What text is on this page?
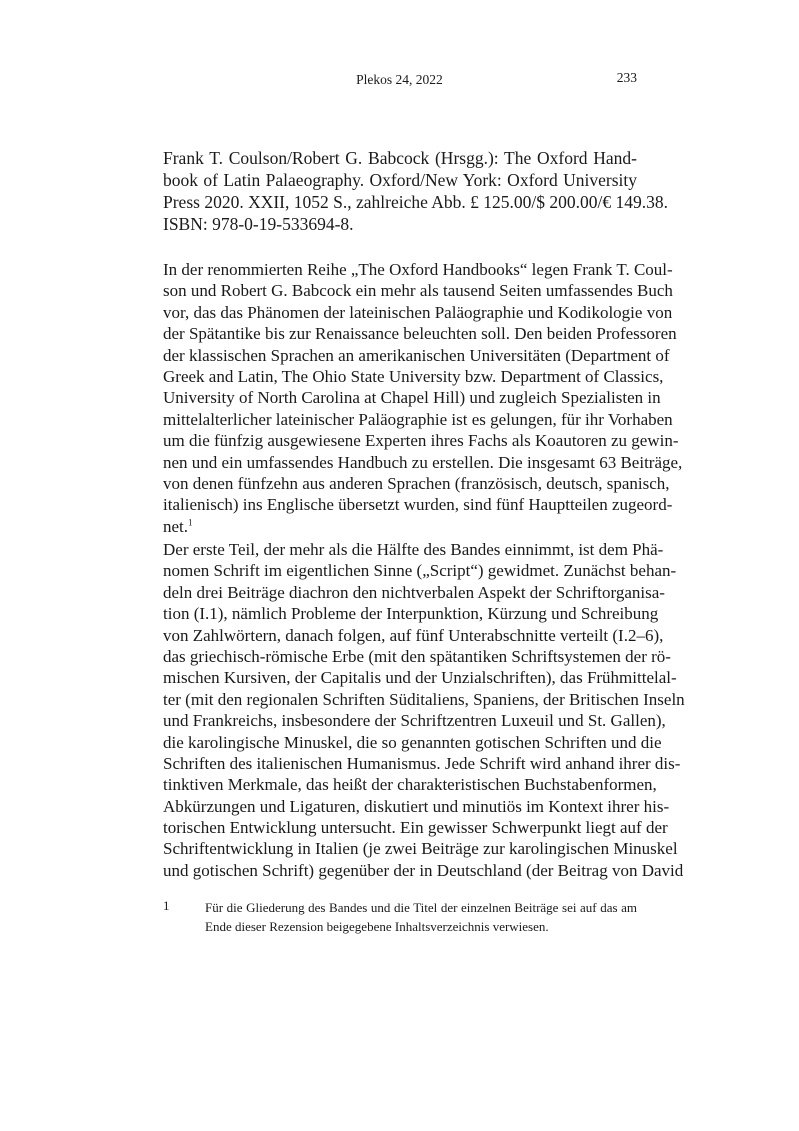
Plekos 24, 2022	233
Frank T. Coulson/Robert G. Babcock (Hrsgg.): The Oxford Hand-
book of Latin Palaeography. Oxford/New York: Oxford University
Press 2020. XXII, 1052 S., zahlreiche Abb. £ 125.00/$ 200.00/€ 149.38.
ISBN: 978-0-19-533694-8.
In der renommierten Reihe „The Oxford Handbooks“ legen Frank T. Coul-
son und Robert G. Babcock ein mehr als tausend Seiten umfassendes Buch
vor, das das Phänomen der lateinischen Paläographie und Kodikologie von
der Spätantike bis zur Renaissance beleuchten soll. Den beiden Professoren
der klassischen Sprachen an amerikanischen Universitäten (Department of
Greek and Latin, The Ohio State University bzw. Department of Classics,
University of North Carolina at Chapel Hill) und zugleich Spezialisten in
mittelalterlicher lateinischer Paläographie ist es gelungen, für ihr Vorhaben
um die fünfzig ausgewiesene Experten ihres Fachs als Koautoren zu gewin-
nen und ein umfassendes Handbuch zu erstellen. Die insgesamt 63 Beiträge,
von denen fünfzehn aus anderen Sprachen (französisch, deutsch, spanisch,
italienisch) ins Englische übersetzt wurden, sind fünf Hauptteilen zugeord-
net.$^1$
Der erste Teil, der mehr als die Hälfte des Bandes einnimmt, ist dem Phä-
nomen Schrift im eigentlichen Sinne („Script“) gewidmet. Zunächst behan-
deln drei Beiträge diachron den nichtverbalen Aspekt der Schriftorganisa-
tion (I.1), nämlich Probleme der Interpunktion, Kürzung und Schreibung
von Zahlwörtern, danach folgen, auf fünf Unterabschnitte verteilt (I.2–6),
das griechisch-römische Erbe (mit den spätantiken Schriftsystemen der rö-
mischen Kursiven, der Capitalis und der Unzialschriften), das Frühmittelal-
ter (mit den regionalen Schriften Süditaliens, Spaniens, der Britischen Inseln
und Frankreichs, insbesondere der Schriftzentren Luxeuil und St. Gallen),
die karolingische Minuskel, die so genannten gotischen Schriften und die
Schriften des italienischen Humanismus. Jede Schrift wird anhand ihrer dis-
tinktiven Merkmale, das heißt der charakteristischen Buchstabenformen,
Abkürzungen und Ligaturen, diskutiert und minutiös im Kontext ihrer his-
torischen Entwicklung untersucht. Ein gewisser Schwerpunkt liegt auf der
Schriftentwicklung in Italien (je zwei Beiträge zur karolingischen Minuskel
und gotischen Schrift) gegenüber der in Deutschland (der Beitrag von David
1	Für die Gliederung des Bandes und die Titel der einzelnen Beiträge sei auf das am
Ende dieser Rezension beigegebene Inhaltsverzeichnis verwiesen.
